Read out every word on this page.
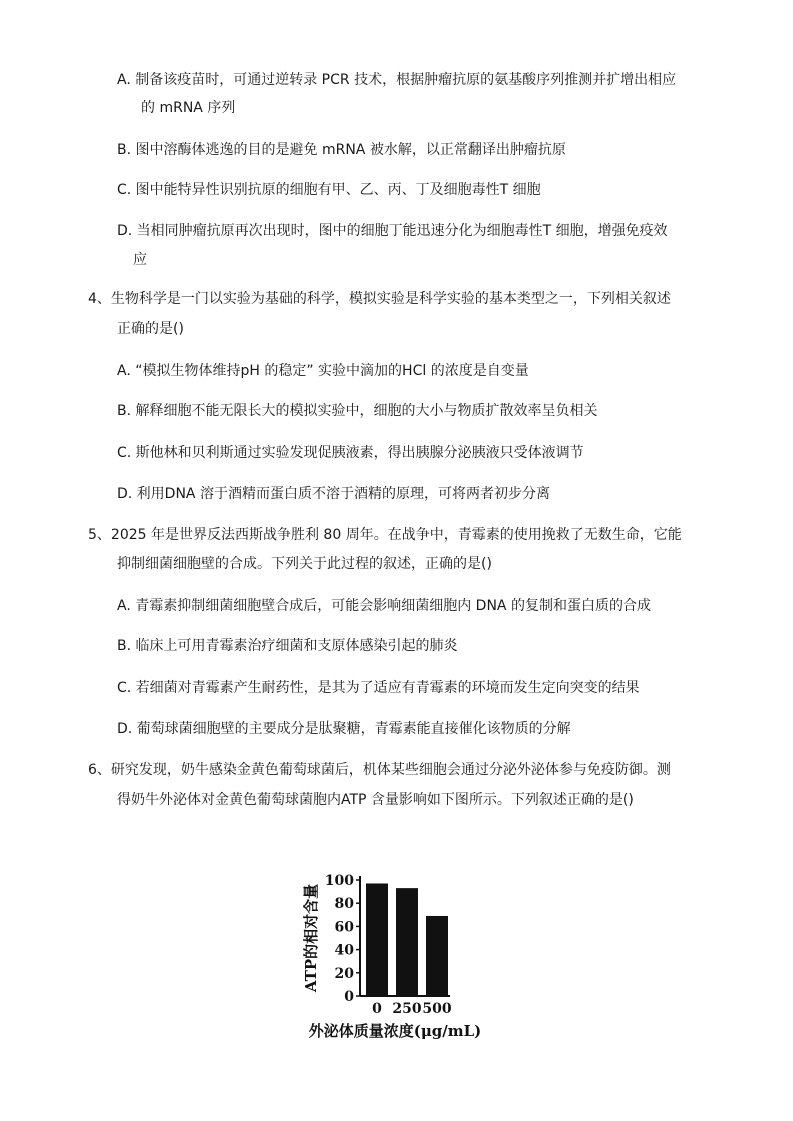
A. 制备该疫苗时，可通过逆转录 PCR 技术，根据肿瘤抗原的氨基酸序列推测并扩增出相应
的 mRNA 序列
B. 图中溶酶体逃逸的目的是避免 mRNA 被水解，以正常翻译出肿瘤抗原
C. 图中能特异性识别抗原的细胞有甲、乙、丙、丁及细胞毒性T 细胞
D. 当相同肿瘤抗原再次出现时，图中的细胞丁能迅速分化为细胞毒性T 细胞，增强免疫效
应
4、生物科学是一门以实验为基础的科学，模拟实验是科学实验的基本类型之一，下列相关叙述
正确的是()
A. “模拟生物体维持pH 的稳定” 实验中滴加的HCl 的浓度是自变量
B. 解释细胞不能无限长大的模拟实验中，细胞的大小与物质扩散效率呈负相关
C. 斯他林和贝利斯通过实验发现促胰液素，得出胰腺分泌胰液只受体液调节
D. 利用DNA 溶于酒精而蛋白质不溶于酒精的原理，可将两者初步分离
5、2025 年是世界反法西斯战争胜利 80 周年。在战争中，青霉素的使用挽救了无数生命，它能
抑制细菌细胞壁的合成。下列关于此过程的叙述，正确的是()
A. 青霉素抑制细菌细胞壁合成后，可能会影响细菌细胞内 DNA 的复制和蛋白质的合成
B. 临床上可用青霉素治疗细菌和支原体感染引起的肺炎
C. 若细菌对青霉素产生耐药性，是其为了适应有青霉素的环境而发生定向突变的结果
D. 葡萄球菌细胞壁的主要成分是肽聚糖，青霉素能直接催化该物质的分解
6、研究发现，奶牛感染金黄色葡萄球菌后，机体某些细胞会通过分泌外泌体参与免疫防御。测
得奶牛外泌体对金黄色葡萄球菌胞内ATP 含量影响如下图所示。下列叙述正确的是()
0
20
40
60
80
100
0 250 500
ATP的相对含量
外泌体质量浓度(μg/mL)
